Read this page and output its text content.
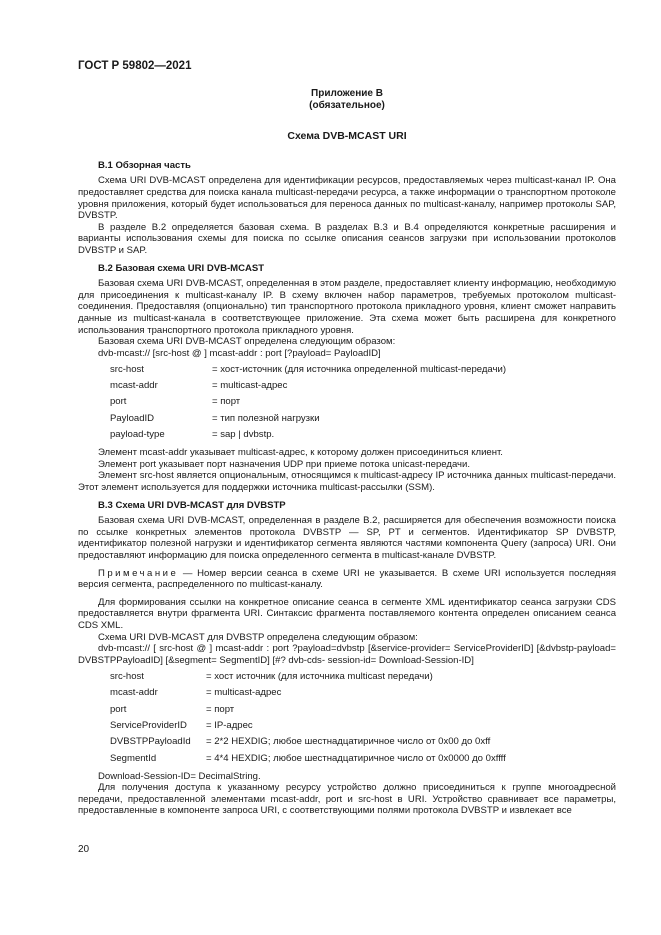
ГОСТ Р 59802—2021
Приложение В
(обязательное)
Схема DVB-MCAST URI
В.1 Обзорная часть

Схема URI DVB-MCAST определена для идентификации ресурсов, предоставляемых через multicast-канал IP. Она предоставляет средства для поиска канала multicast-передачи ресурса, а также информации о транспортном протоколе уровня приложения, который будет использоваться для переноса данных по multicast-каналу, например протоколы SAP, DVBSTP.

В разделе В.2 определяется базовая схема. В разделах В.3 и В.4 определяются конкретные расширения и варианты использования схемы для поиска по ссылке описания сеансов загрузки при использовании протоколов DVBSTP и SAP.

В.2 Базовая схема URI DVB-MCAST

Базовая схема URI DVB-MCAST, определенная в этом разделе, предоставляет клиенту информацию, необходимую для присоединения к multicast-каналу IP. В схему включен набор параметров, требуемых протоколом multicast-соединения. Предоставляя (опционально) тип транспортного протокола прикладного уровня, клиент сможет направить данные из multicast-канала в соответствующее приложение. Эта схема может быть расширена для конкретного использования транспортного протокола прикладного уровня.

Базовая схема URI DVB-MCAST определена следующим образом:

dvb-mcast:// [src-host @ ] mcast-addr : port [?payload= PayloadID]

src-host	= хост-источник (для источника определенной multicast-передачи)
mcast-addr	= multicast-адрес
port	= порт
PayloadID	= тип полезной нагрузки
payload-type	= sap | dvbstp.

Элемент mcast-addr указывает multicast-адрес, к которому должен присоединиться клиент.

Элемент port указывает порт назначения UDP при приеме потока unicast-передачи.

Элемент src-host является опциональным, относящимся к multicast-адресу IP источника данных multicast-передачи. Этот элемент используется для поддержки источника multicast-рассылки (SSM).

В.3 Схема URI DVB-MCAST для DVBSTP

Базовая схема URI DVB-MCAST, определенная в разделе В.2, расширяется для обеспечения возможности поиска по ссылке конкретных элементов протокола DVBSTP — SP, PT и сегментов. Идентификатор SP DVBSTP, идентификатор полезной нагрузки и идентификатор сегмента являются частями компонента Query (запроса) URI. Они предоставляют информацию для поиска определенного сегмента в multicast-канале DVBSTP.

Примечание — Номер версии сеанса в схеме URI не указывается. В схеме URI используется последняя версия сегмента, распределенного по multicast-каналу.

Для формирования ссылки на конкретное описание сеанса в сегменте XML идентификатор сеанса загрузки CDS предоставляется внутри фрагмента URI. Синтаксис фрагмента поставляемого контента определен описанием сеанса CDS XML.

Схема URI DVB-MCAST для DVBSTP определена следующим образом:

dvb-mcast:// [ src-host @ ] mcast-addr : port ?payload=dvbstp [&service-provider= ServiceProviderID] [&dvbstp-payload= DVBSTPPayloadID] [&segment= SegmentID] [#? dvb-cds- session-id= Download-Session-ID]

src-host	= хост источник (для источника multicast передачи)
mcast-addr	= multicast-адрес
port	= порт
ServiceProviderID	= IP-адрес
DVBSTPPayloadId	= 2*2 HEXDIG; любое шестнадцатиричное число от 0x00 до 0xff
SegmentId	= 4*4 HEXDIG; любое шестнадцатиричное число от 0x0000 до 0xffff

Download-Session-ID= DecimalString.

Для получения доступа к указанному ресурсу устройство должно присоединиться к группе многоадресной передачи, предоставленной элементами mcast-addr, port и src-host в URI. Устройство сравнивает все параметры, предоставленные в компоненте запроса URI, с соответствующими полями протокола DVBSTP и извлекает все

20
